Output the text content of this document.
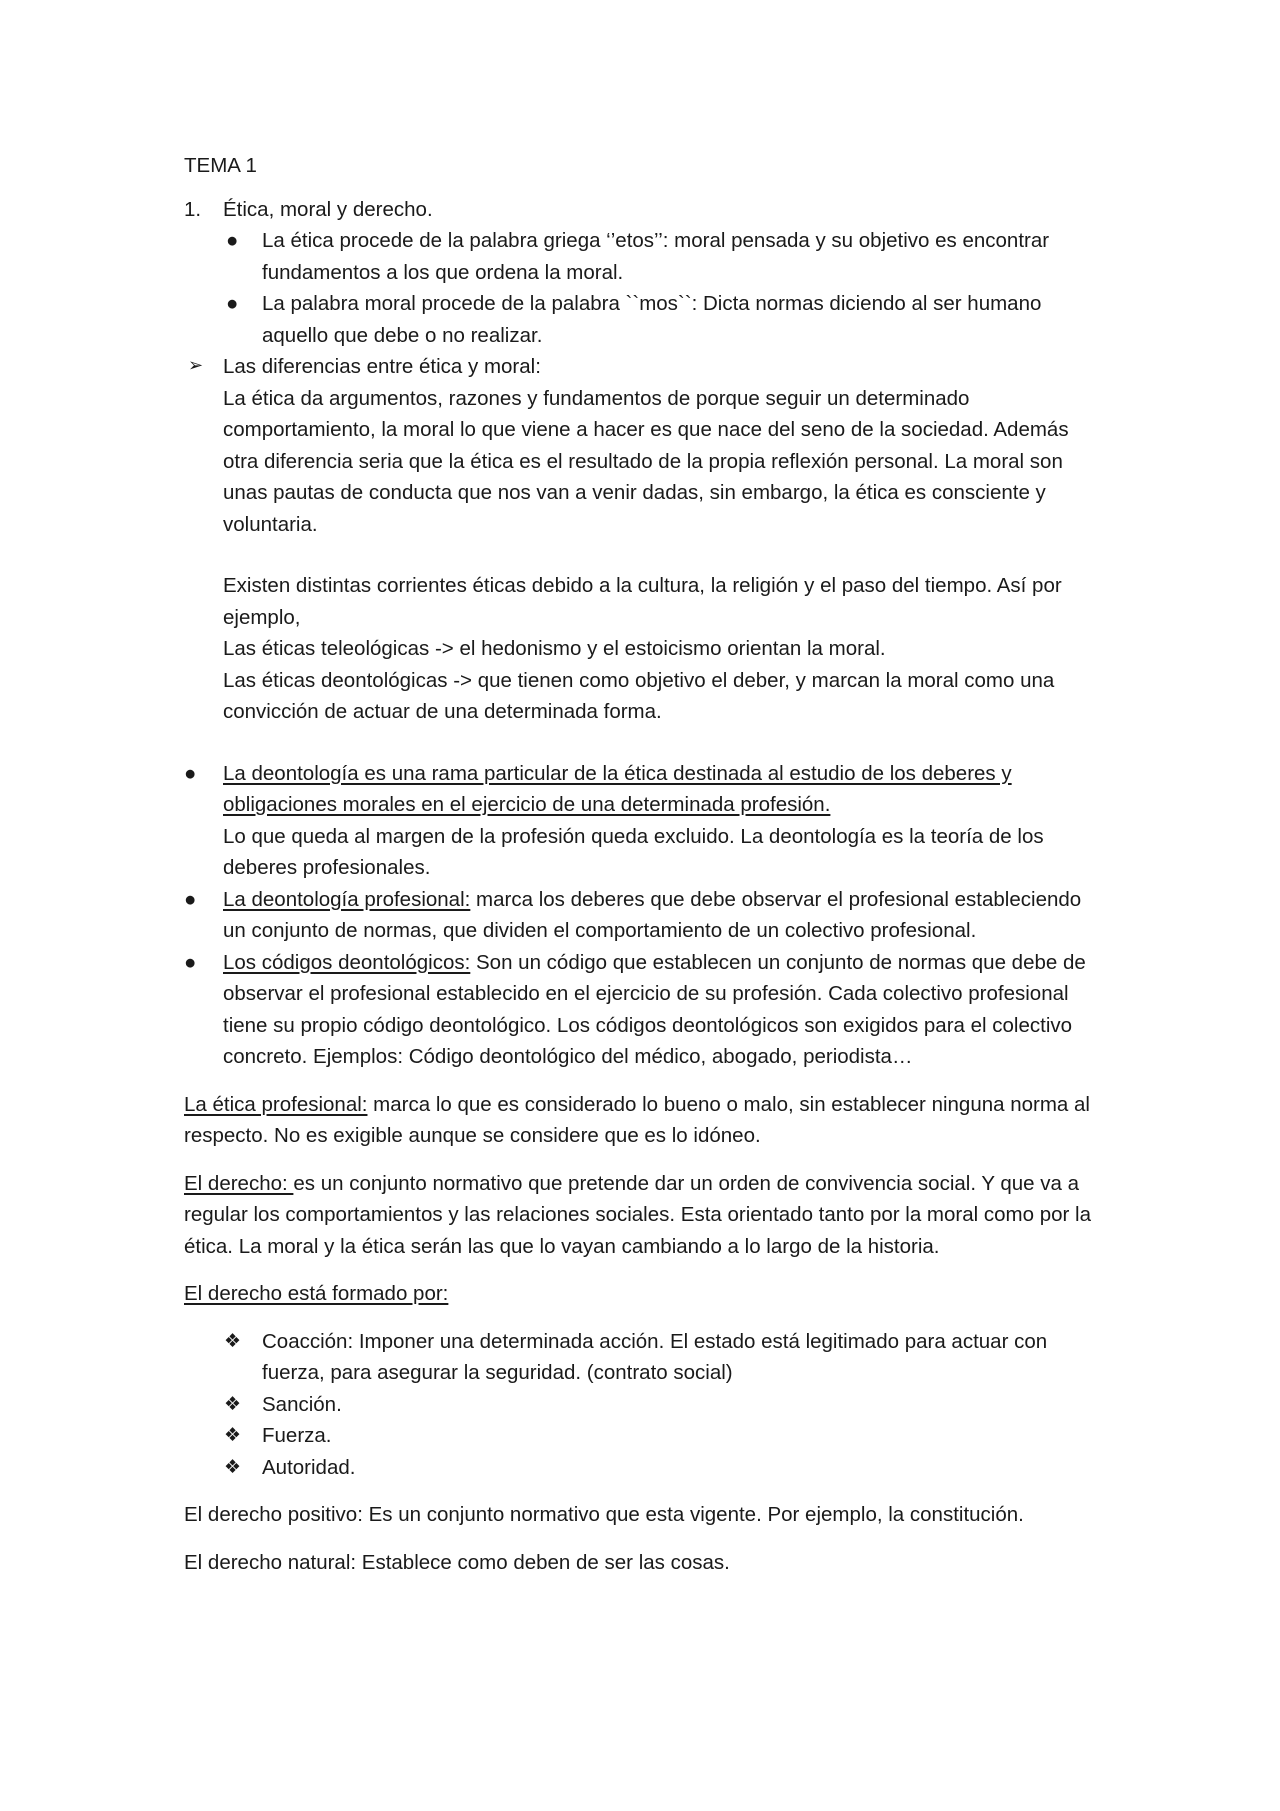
TEMA 1

1. Ética, moral y derecho.
● La ética procede de la palabra griega ‘’etos’’: moral pensada y su objetivo es encontrar fundamentos a los que ordena la moral.
● La palabra moral procede de la palabra ``mos``: Dicta normas diciendo al ser humano aquello que debe o no realizar.
➢ Las diferencias entre ética y moral:

La ética da argumentos, razones y fundamentos de porque seguir un determinado comportamiento, la moral lo que viene a hacer es que nace del seno de la sociedad. Además otra diferencia seria que la ética es el resultado de la propia reflexión personal. La moral son unas pautas de conducta que nos van a venir dadas, sin embargo, la ética es consciente y voluntaria.

Existen distintas corrientes éticas debido a la cultura, la religión y el paso del tiempo. Así por ejemplo,

Las éticas teleológicas -> el hedonismo y el estoicismo orientan la moral.

Las éticas deontológicas -> que tienen como objetivo el deber, y marcan la moral como una convicción de actuar de una determinada forma.

● La deontología es una rama particular de la ética destinada al estudio de los deberes y obligaciones morales en el ejercicio de una determinada profesión.
Lo que queda al margen de la profesión queda excluido. La deontología es la teoría de los deberes profesionales.
● La deontología profesional: marca los deberes que debe observar el profesional estableciendo un conjunto de normas, que dividen el comportamiento de un colectivo profesional.
● Los códigos deontológicos: Son un código que establecen un conjunto de normas que debe de observar el profesional establecido en el ejercicio de su profesión. Cada colectivo profesional tiene su propio código deontológico. Los códigos deontológicos son exigidos para el colectivo concreto. Ejemplos: Código deontológico del médico, abogado, periodista…

La ética profesional: marca lo que es considerado lo bueno o malo, sin establecer ninguna norma al respecto. No es exigible aunque se considere que es lo idóneo.

El derecho: es un conjunto normativo que pretende dar un orden de convivencia social. Y que va a regular los comportamientos y las relaciones sociales. Esta orientado tanto por la moral como por la ética. La moral y la ética serán las que lo vayan cambiando a lo largo de la historia.

El derecho está formado por:

❖ Coacción: Imponer una determinada acción. El estado está legitimado para actuar con fuerza, para asegurar la seguridad. (contrato social)
❖ Sanción.
❖ Fuerza.
❖ Autoridad.

El derecho positivo: Es un conjunto normativo que esta vigente. Por ejemplo, la constitución.

El derecho natural: Establece como deben de ser las cosas.
